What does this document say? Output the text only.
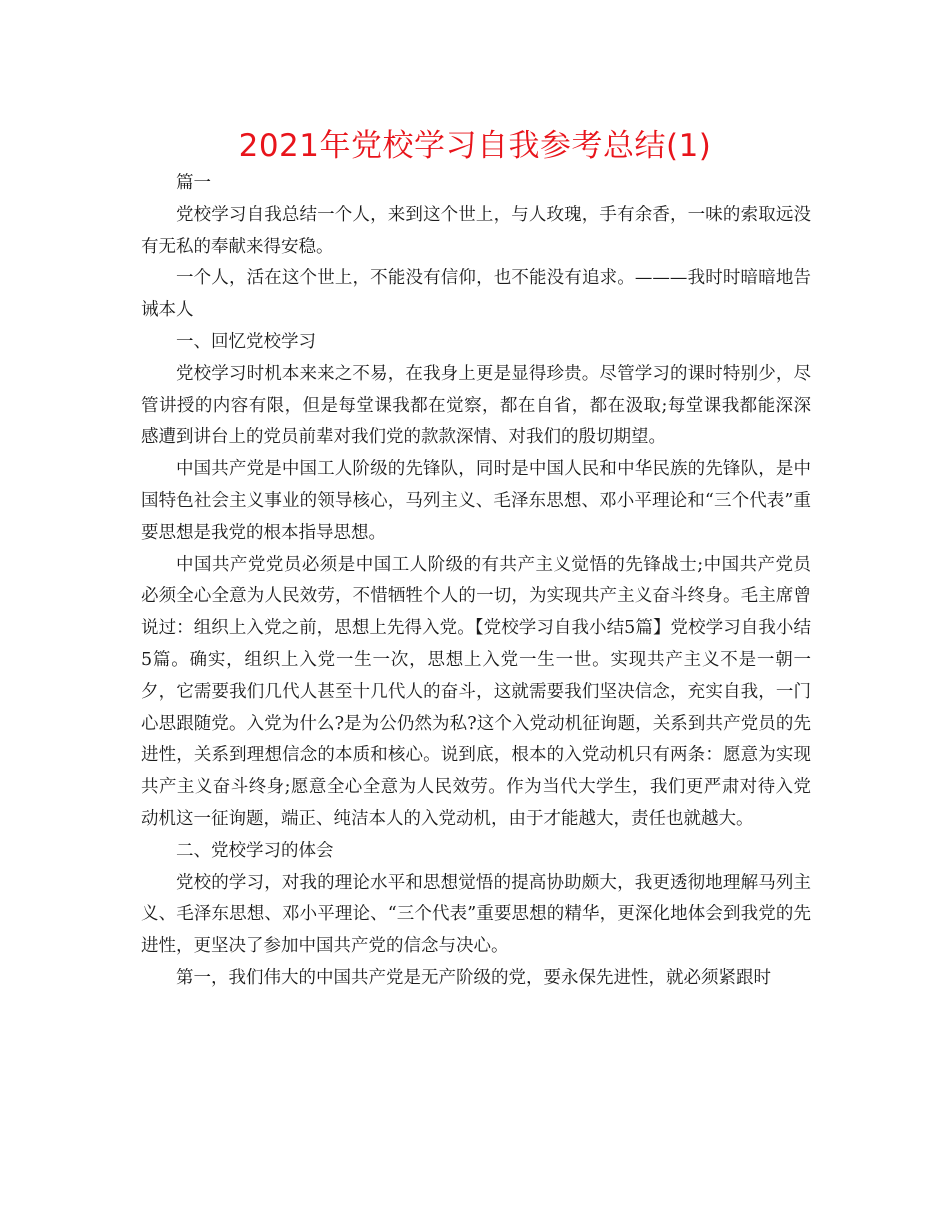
2021年党校学习自我参考总结(1)

篇一

党校学习自我总结一个人，来到这个世上，与人玫瑰，手有余香，一味的索取远没有无私的奉献来得安稳。

一个人，活在这个世上，不能没有信仰，也不能没有追求。———我时时暗暗地告诫本人

一、回忆党校学习

党校学习时机本来来之不易，在我身上更是显得珍贵。尽管学习的课时特别少，尽管讲授的内容有限，但是每堂课我都在觉察，都在自省，都在汲取;每堂课我都能深深感遭到讲台上的党员前辈对我们党的款款深情、对我们的殷切期望。

中国共产党是中国工人阶级的先锋队，同时是中国人民和中华民族的先锋队，是中国特色社会主义事业的领导核心，马列主义、毛泽东思想、邓小平理论和“三个代表”重要思想是我党的根本指导思想。

中国共产党党员必须是中国工人阶级的有共产主义觉悟的先锋战士;中国共产党员必须全心全意为人民效劳，不惜牺牲个人的一切，为实现共产主义奋斗终身。毛主席曾说过：组织上入党之前，思想上先得入党。【党校学习自我小结5篇】党校学习自我小结5篇。确实，组织上入党一生一次，思想上入党一生一世。实现共产主义不是一朝一夕，它需要我们几代人甚至十几代人的奋斗，这就需要我们坚决信念，充实自我，一门心思跟随党。入党为什么?是为公仍然为私?这个入党动机征询题，关系到共产党员的先进性，关系到理想信念的本质和核心。说到底，根本的入党动机只有两条：愿意为实现共产主义奋斗终身;愿意全心全意为人民效劳。作为当代大学生，我们更严肃对待入党动机这一征询题，端正、纯洁本人的入党动机，由于才能越大，责任也就越大。

二、党校学习的体会

党校的学习，对我的理论水平和思想觉悟的提高协助颇大，我更透彻地理解马列主义、毛泽东思想、邓小平理论、“三个代表”重要思想的精华，更深化地体会到我党的先进性，更坚决了参加中国共产党的信念与决心。

第一，我们伟大的中国共产党是无产阶级的党，要永保先进性，就必须紧跟时
